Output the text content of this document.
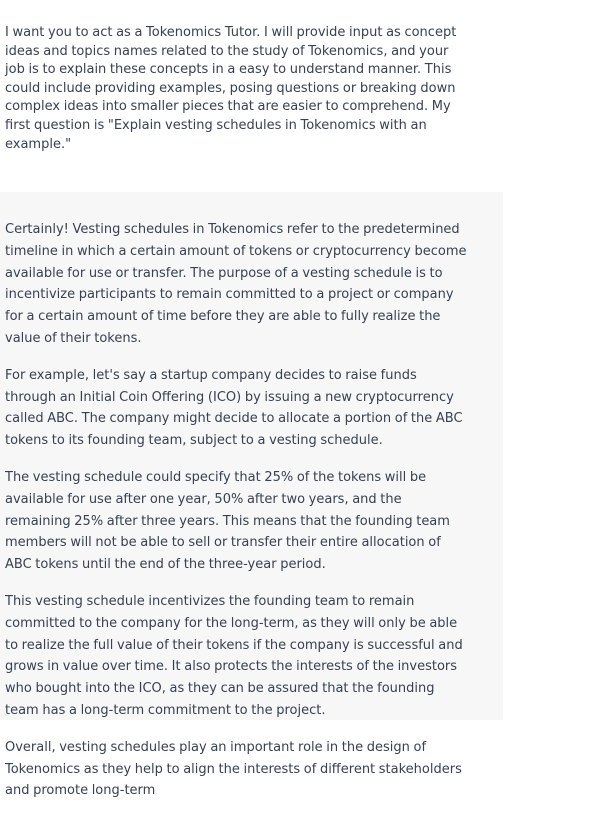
I want you to act as a Tokenomics Tutor. I will provide input as concept ideas and topics names related to the study of Tokenomics, and your job is to explain these concepts in a easy to understand manner. This could include providing examples, posing questions or breaking down complex ideas into smaller pieces that are easier to comprehend. My first question is "Explain vesting schedules in Tokenomics with an example."

Certainly! Vesting schedules in Tokenomics refer to the predetermined timeline in which a certain amount of tokens or cryptocurrency become available for use or transfer. The purpose of a vesting schedule is to incentivize participants to remain committed to a project or company for a certain amount of time before they are able to fully realize the value of their tokens.

For example, let's say a startup company decides to raise funds through an Initial Coin Offering (ICO) by issuing a new cryptocurrency called ABC. The company might decide to allocate a portion of the ABC tokens to its founding team, subject to a vesting schedule.

The vesting schedule could specify that 25% of the tokens will be available for use after one year, 50% after two years, and the remaining 25% after three years. This means that the founding team members will not be able to sell or transfer their entire allocation of ABC tokens until the end of the three-year period.

This vesting schedule incentivizes the founding team to remain committed to the company for the long-term, as they will only be able to realize the full value of their tokens if the company is successful and grows in value over time. It also protects the interests of the investors who bought into the ICO, as they can be assured that the founding team has a long-term commitment to the project.

Overall, vesting schedules play an important role in the design of Tokenomics as they help to align the interests of different stakeholders and promote long-term
